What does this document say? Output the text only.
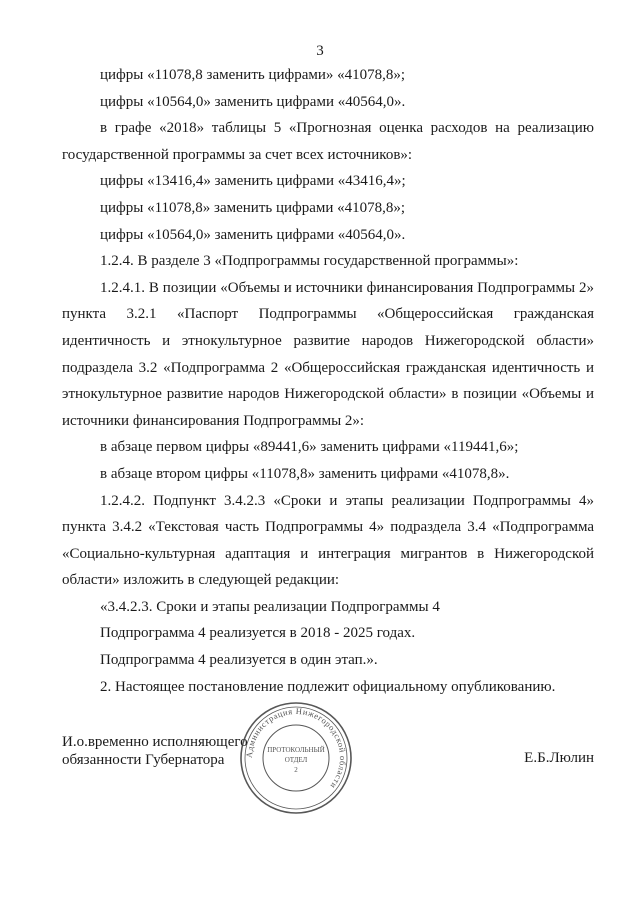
3

цифры «11078,8 заменить цифрами» «41078,8»;

цифры «10564,0» заменить цифрами «40564,0».

в графе «2018» таблицы 5 «Прогнозная оценка расходов на реализацию государственной программы за счет всех источников»:

цифры «13416,4» заменить цифрами «43416,4»;

цифры «11078,8» заменить цифрами «41078,8»;

цифры «10564,0» заменить цифрами «40564,0».

1.2.4. В разделе 3 «Подпрограммы государственной программы»:

1.2.4.1. В позиции «Объемы и источники финансирования Подпрограммы 2» пункта 3.2.1 «Паспорт Подпрограммы «Общероссийская гражданская идентичность и этнокультурное развитие народов Нижегородской области» подраздела 3.2 «Подпрограмма 2 «Общероссийская гражданская идентичность и этнокультурное развитие народов Нижегородской области» в позиции «Объемы и источники финансирования Подпрограммы 2»:

в абзаце первом цифры «89441,6» заменить цифрами «119441,6»;

в абзаце втором цифры «11078,8» заменить цифрами «41078,8».

1.2.4.2. Подпункт 3.4.2.3 «Сроки и этапы реализации Подпрограммы 4» пункта 3.4.2 «Текстовая часть Подпрограммы 4» подраздела 3.4 «Подпрограмма «Социально-культурная адаптация и интеграция мигрантов в Нижегородской области» изложить в следующей редакции:

«3.4.2.3. Сроки и этапы реализации Подпрограммы 4

Подпрограмма 4 реализуется в 2018 - 2025 годах.

Подпрограмма 4 реализуется в один этап.».

2. Настоящее постановление подлежит официальному опубликованию.

И.о.временно исполняющего
обязанности Губернатора	Е.Б.Люлин
Администрация Нижегородской области
ПРОТОКОЛЬНЫЙ
ОТДЕЛ
2
